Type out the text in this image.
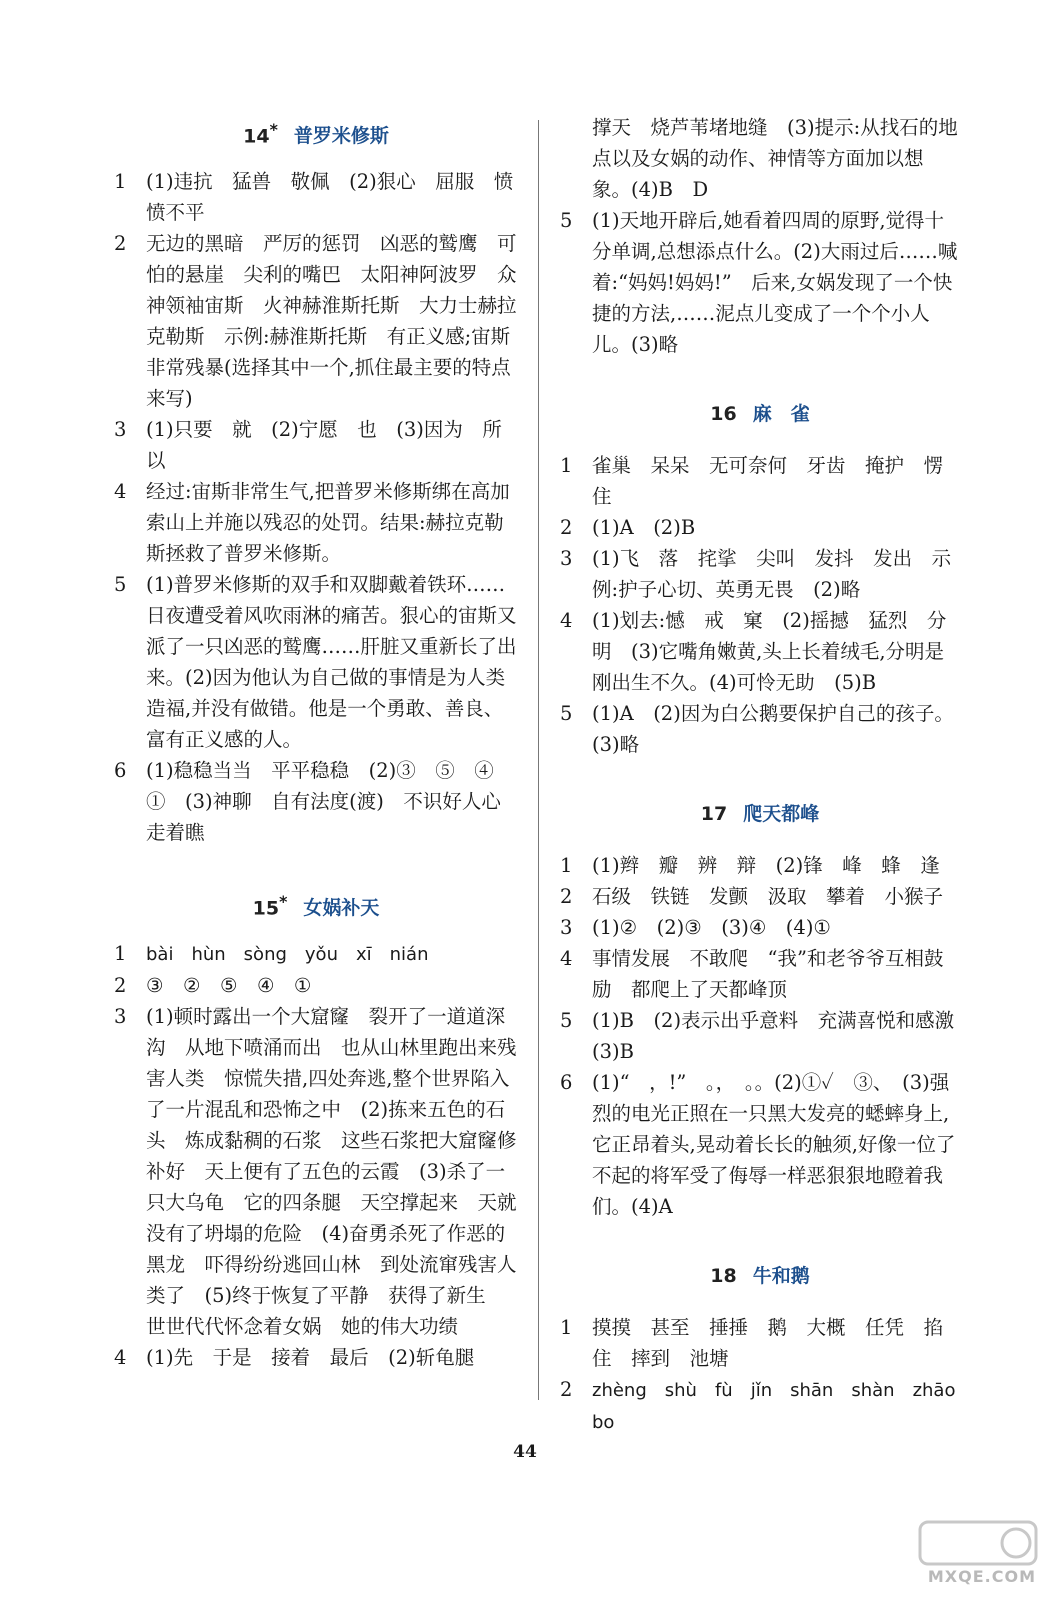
14* 普罗米修斯
1 (1)违抗　猛兽　敬佩　(2)狠心　屈服　愤愤不平
2 无边的黑暗　严厉的惩罚　凶恶的鹫鹰　可怕的悬崖　尖利的嘴巴　太阳神阿波罗　众神领袖宙斯　火神赫淮斯托斯　大力士赫拉克勒斯　示例:赫淮斯托斯　有正义感;宙斯　非常残暴(选择其中一个,抓住最主要的特点来写)
3 (1)只要　就　(2)宁愿　也　(3)因为　所以
4 经过:宙斯非常生气,把普罗米修斯绑在高加索山上并施以残忍的处罚。结果:赫拉克勒斯拯救了普罗米修斯。
5 (1)普罗米修斯的双手和双脚戴着铁环……日夜遭受着风吹雨淋的痛苦。狠心的宙斯又派了一只凶恶的鹫鹰……肝脏又重新长了出来。(2)因为他认为自己做的事情是为人类造福,并没有做错。他是一个勇敢、善良、富有正义感的人。
6 (1)稳稳当当　平平稳稳　(2)③　⑤　④　①　(3)神聊　自有法度(渡)　不识好人心　走着瞧
15* 女娲补天
1 bài　hùn　sòng　yǒu　xī　nián
2 ③　②　⑤　④　①
3 (1)顿时露出一个大窟窿　裂开了一道道深沟　从地下喷涌而出　也从山林里跑出来残害人类　惊慌失措,四处奔逃,整个世界陷入了一片混乱和恐怖之中　(2)拣来五色的石头　炼成黏稠的石浆　这些石浆把大窟窿修补好　天上便有了五色的云霞　(3)杀了一只大乌龟　它的四条腿　天空撑起来　天就没有了坍塌的危险　(4)奋勇杀死了作恶的黑龙　吓得纷纷逃回山林　到处流窜残害人类了　(5)终于恢复了平静　获得了新生　世世代代怀念着女娲　她的伟大功绩
4 (1)先　于是　接着　最后　(2)斩龟腿
撑天　烧芦苇堵地缝　(3)提示:从找石的地点以及女娲的动作、神情等方面加以想象。(4)B　D
5 (1)天地开辟后,她看着四周的原野,觉得十分单调,总想添点什么。(2)大雨过后……喊着:“妈妈!妈妈!”　后来,女娲发现了一个快捷的方法,……泥点儿变成了一个个小人儿。(3)略
16 麻　雀
1 雀巢　呆呆　无可奈何　牙齿　掩护　愣住
2 (1)A　(2)B
3 (1)飞　落　挓挲　尖叫　发抖　发出　示例:护子心切、英勇无畏　(2)略
4 (1)划去:憾　戒　窠　(2)摇撼　猛烈　分明　(3)它嘴角嫩黄,头上长着绒毛,分明是刚出生不久。(4)可怜无助　(5)B
5 (1)A　(2)因为白公鹅要保护自己的孩子。(3)略
17 爬天都峰
1 (1)辫　瓣　辨　辩　(2)锋　峰　蜂　逢
2 石级　铁链　发颤　汲取　攀着　小猴子
3 (1)②　(2)③　(3)④　(4)①
4 事情发展　不敢爬　“我”和老爷爷互相鼓励　都爬上了天都峰顶
5 (1)B　(2)表示出乎意料　充满喜悦和感激　(3)B
6 (1)“　，!”　。，　。。(2)①✓　③、　(3)强烈的电光正照在一只黑大发亮的蟋蟀身上,它正昂着头,晃动着长长的触须,好像一位了不起的将军受了侮辱一样恶狠狠地瞪着我们。(4)A
18 牛和鹅
1 摸摸　甚至　捶捶　鹅　大概　任凭　掐住　摔到　池塘
2 zhèng　shù　fù　jǐn　shān　shàn　zhāo　bo
44
MXQE.COM
